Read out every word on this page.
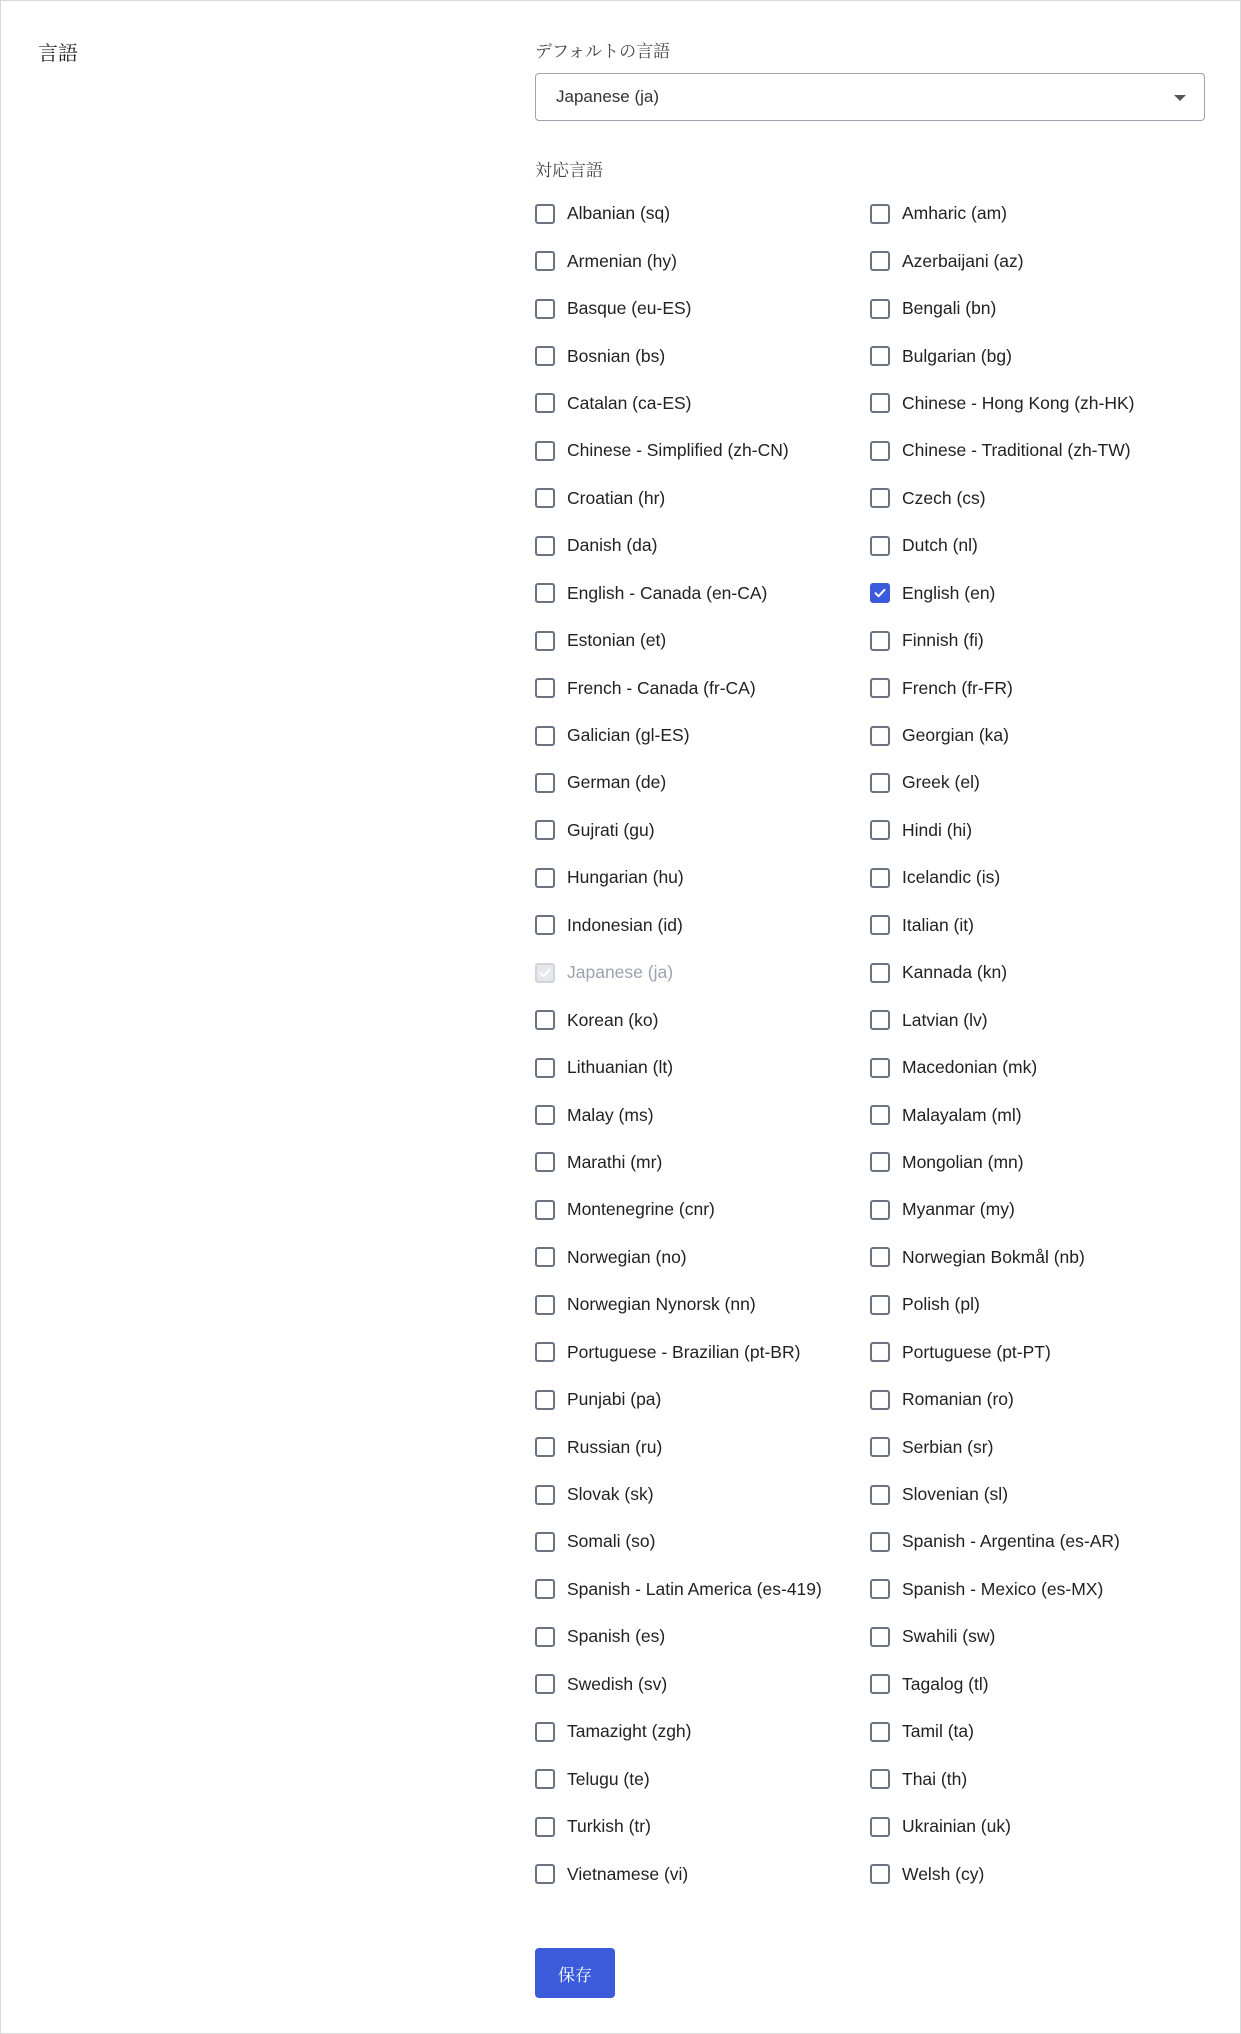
言語	デフォルトの言語
Japanese (ja)
対応言語
Albanian (sq)	Amharic (am)
Armenian (hy)	Azerbaijani (az)
Basque (eu-ES)	Bengali (bn)
Bosnian (bs)	Bulgarian (bg)
Catalan (ca-ES)	Chinese - Hong Kong (zh-HK)
Chinese - Simplified (zh-CN)	Chinese - Traditional (zh-TW)
Croatian (hr)	Czech (cs)
Danish (da)	Dutch (nl)
English - Canada (en-CA)	English (en)
Estonian (et)	Finnish (fi)
French - Canada (fr-CA)	French (fr-FR)
Galician (gl-ES)	Georgian (ka)
German (de)	Greek (el)
Gujrati (gu)	Hindi (hi)
Hungarian (hu)	Icelandic (is)
Indonesian (id)	Italian (it)
Japanese (ja)	Kannada (kn)
Korean (ko)	Latvian (lv)
Lithuanian (lt)	Macedonian (mk)
Malay (ms)	Malayalam (ml)
Marathi (mr)	Mongolian (mn)
Montenegrine (cnr)	Myanmar (my)
Norwegian (no)	Norwegian Bokmål (nb)
Norwegian Nynorsk (nn)	Polish (pl)
Portuguese - Brazilian (pt-BR)	Portuguese (pt-PT)
Punjabi (pa)	Romanian (ro)
Russian (ru)	Serbian (sr)
Slovak (sk)	Slovenian (sl)
Somali (so)	Spanish - Argentina (es-AR)
Spanish - Latin America (es-419)	Spanish - Mexico (es-MX)
Spanish (es)	Swahili (sw)
Swedish (sv)	Tagalog (tl)
Tamazight (zgh)	Tamil (ta)
Telugu (te)	Thai (th)
Turkish (tr)	Ukrainian (uk)
Vietnamese (vi)	Welsh (cy)
保存
